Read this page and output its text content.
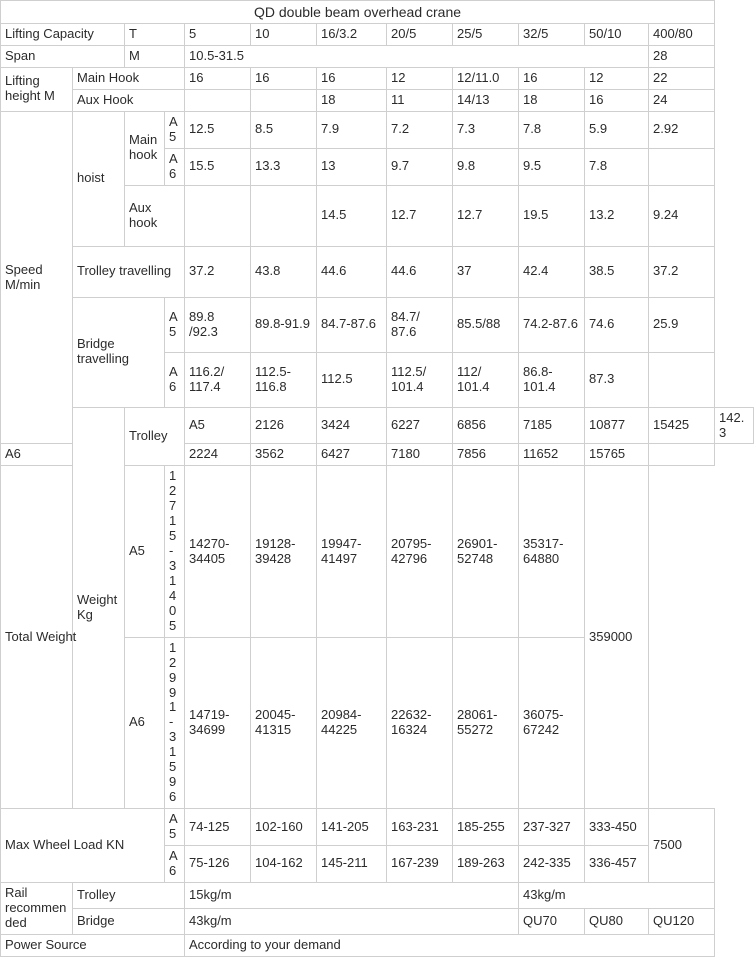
QD double beam overhead crane												
Lifting Capacity		T		5	10	16/3.2	20/5	25/5	32/5	50/10	400/80	
Span		M		10.5-31.5							28	
Lifting height M	Main Hook			16	16	16	12	12/11.0	16	12	22	
	Aux Hook					18	11	14/13	18	16	24	
Speed M/min	hoist	Main hook	A5	12.5	8.5	7.9	7.2	7.3	7.8	5.9	2.92	
			A6	15.5	13.3	13	9.7	9.8	9.5	7.8		
		Aux hook				14.5	12.7	12.7	19.5	13.2	9.24	
	Trolley travelling			37.2	43.8	44.6	44.6	37	42.4	38.5	37.2	
	Bridge travelling		A5	89.8 /92.3	89.8-91.9	84.7-87.6	84.7/ 87.6	85.5/88	74.2-87.6	74.6	25.9	
			A6	116.2/ 117.4	112.5-116.8	112.5	112.5/ 101.4	112/ 101.4	86.8-101.4	87.3		
	Weight Kg	Trolley		A5	2126	3424	6227	6856	7185	10877	15425	142.3
A6				2224	3562	6427	7180	7856	11652	15765		
Total Weight		A5	12715-31405	14270-34405	19128-39428	19947-41497	20795-42796	26901-52748	35317-64880	359000		
		A6	12991-31596	14719-34699	20045-41315	20984-44225	22632-16324	28061-55272	36075-67242			
Max Wheel Load KN			A5	74-125	102-160	141-205	163-231	185-255	237-327	333-450	7500	
			A6	75-126	104-162	145-211	167-239	189-263	242-335	336-457		
Rail recommended	Trolley			15kg/m					43kg/m			
	Bridge			43kg/m					QU70	QU80	QU120	
Power Source				According to your demand								
